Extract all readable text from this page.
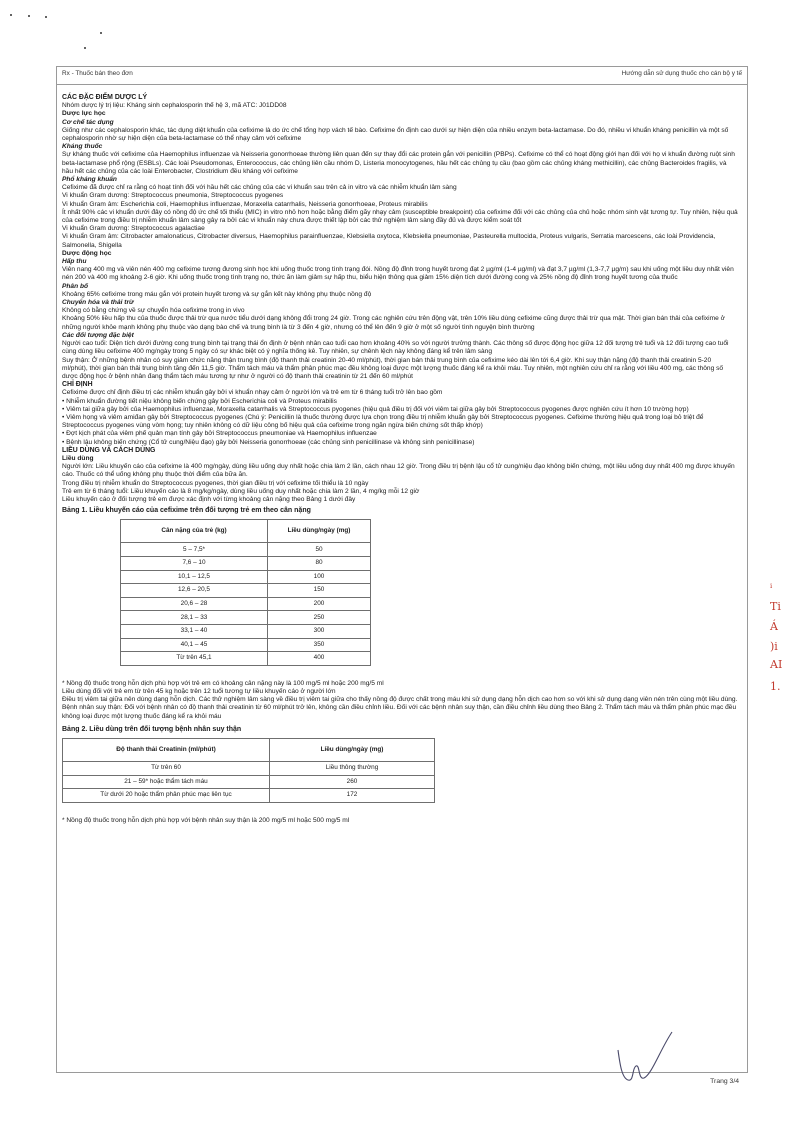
Rx - Thuốc bán theo đơn	Hướng dẫn sử dụng thuốc cho cán bộ y tế

CÁC ĐẶC ĐIỂM DƯỢC LÝ

Nhóm dược lý trị liệu: Kháng sinh cephalosporin thế hệ 3, mã ATC: J01DD08

Dược lực học

Cơ chế tác dụng

Giống như các cephalosporin khác, tác dụng diệt khuẩn của cefixime là do ức chế tổng hợp vách tế bào. Cefixime ổn định cao dưới sự hiện diện của nhiều enzym beta-lactamase. Do đó, nhiều vi khuẩn kháng penicillin và một số cephalosporin nhờ sự hiện diện của beta-lactamase có thể nhạy cảm với cefixime

Kháng thuốc

Sự kháng thuốc với cefixime của Haemophilus influenzae và Neisseria gonorrhoeae thường liên quan đến sự thay đổi các protein gắn với penicillin (PBPs). Cefixime có thể có hoạt động giới hạn đối với họ vi khuẩn đường ruột sinh beta-lactamase phổ rộng (ESBLs). Các loài Pseudomonas, Enterococcus, các chủng liên cầu nhóm D, Listeria monocytogenes, hầu hết các chủng tụ cầu (bao gồm các chủng kháng methicillin), các chủng Bacteroides fragilis, và hầu hết các chủng của các loài Enterobacter, Clostridium đều kháng với cefixime

Phổ kháng khuẩn

Cefixime đã được chỉ ra rằng có hoạt tính đối với hầu hết các chủng của các vi khuẩn sau trên cả in vitro và các nhiễm khuẩn lâm sàng

Vi khuẩn Gram dương: Streptococcus pneumonia, Streptococcus pyogenes

Vi khuẩn Gram âm: Escherichia coli, Haemophilus influenzae, Moraxella catarrhalis, Neisseria gonorrhoeae, Proteus mirabilis

Ít nhất 90% các vi khuẩn dưới đây có nồng độ ức chế tối thiểu (MIC) in vitro nhỏ hơn hoặc bằng điểm gãy nhạy cảm (susceptible breakpoint) của cefixime đối với các chủng của chủ hoặc nhóm sinh vật tương tự. Tuy nhiên, hiệu quả của cefixime trong điều trị nhiễm khuẩn lâm sàng gây ra bởi các vi khuẩn này chưa được thiết lập bởi các thử nghiệm lâm sàng đầy đủ và được kiểm soát tốt

Vi khuẩn Gram dương: Streptococcus agalactiae

Vi khuẩn Gram âm: Citrobacter amalonaticus, Citrobacter diversus, Haemophilus parainfluenzae, Klebsiella oxytoca, Klebsiella pneumoniae, Pasteurella multocida, Proteus vulgaris, Serratia marcescens, các loài Providencia, Salmonella, Shigella

Dược động học

Hấp thu

Viên nang 400 mg và viên nén 400 mg cefixime tương đương sinh học khi uống thuốc trong tình trạng đói. Nồng độ đỉnh trong huyết tương đạt 2 µg/ml (1-4 µg/ml) và đạt 3,7 µg/ml (1,3-7,7 µg/m) sau khi uống một liều duy nhất viên nén 200 và 400 mg khoảng 2-6 giờ. Khi uống thuốc trong tình trạng no, thức ăn làm giảm sự hấp thu, biểu hiện thông qua giảm 15% diện tích dưới đường cong và 25% nồng độ đỉnh trong huyết tương của thuốc

Phân bố

Khoảng 65% cefixime trong máu gắn với protein huyết tương và sự gắn kết này không phụ thuộc nồng độ

Chuyển hóa và thải trừ

Không có bằng chứng về sự chuyển hóa cefixime trong in vivo

Khoảng 50% liều hấp thu của thuốc được thải trừ qua nước tiểu dưới dạng không đổi trong 24 giờ. Trong các nghiên cứu trên động vật, trên 10% liều dùng cefixime cũng được thải trừ qua mật. Thời gian bán thải của cefixime ở những người khỏe mạnh không phụ thuộc vào dạng bào chế và trung bình là từ 3 đến 4 giờ, nhưng có thể lên đến 9 giờ ở một số người tình nguyện bình thường

Các đối tượng đặc biệt

Người cao tuổi: Diện tích dưới đường cong trung bình tại trạng thái ổn định ở bệnh nhân cao tuổi cao hơn khoảng 40% so với người trưởng thành. Các thông số được động học giữa 12 đối tượng trẻ tuổi và 12 đối tượng cao tuổi cùng dùng liều cefixime 400 mg/ngày trong 5 ngày có sự khác biệt có ý nghĩa thống kê. Tuy nhiên, sự chênh lệch này không đáng kể trên lâm sàng

Suy thận: Ở những bệnh nhân có suy giảm chức năng thận trung bình (độ thanh thải creatinin 20-40 ml/phút), thời gian bán thải trung bình của cefixime kéo dài lên tới 6,4 giờ. Khi suy thận nặng (độ thanh thải creatinin 5-20 ml/phút), thời gian bán thải trung bình tăng đến 11,5 giờ. Thẩm tách máu và thẩm phân phúc mạc đều không loại được một lượng thuốc đáng kể ra khỏi máu. Tuy nhiên, một nghiên cứu chỉ ra rằng với liều 400 mg, các thông số dược động học ở bệnh nhân đang thẩm tách máu tương tự như ở người có độ thanh thải creatinin từ 21 đến 60 ml/phút

CHỈ ĐỊNH

Cefixime được chỉ định điều trị các nhiễm khuẩn gây bởi vi khuẩn nhạy cảm ở người lớn và trẻ em từ 6 tháng tuổi trở lên bao gồm

• Nhiễm khuẩn đường tiết niệu không biến chứng gây bởi Escherichia coli và Proteus mirabilis

• Viêm tai giữa gây bởi của Haemophilus influenzae, Moraxella catarrhalis và Streptococcus pyogenes (hiệu quả điều trị đối với viêm tai giữa gây bởi Streptococcus pyogenes được nghiên cứu ít hơn 10 trường hợp)

• Viêm họng và viêm amiđan gây bởi Streptococcus pyogenes (Chú ý: Penicillin là thuốc thường được lựa chọn trong điều trị nhiễm khuẩn gây bởi Streptococcus pyogenes. Cefixime thường hiệu quả trong loại bỏ triệt để Streptococcus pyogenes vùng vòm họng; tuy nhiên không có dữ liệu công bố hiệu quả của cefixime trong ngăn ngừa biến chứng sốt thấp khớp)

• Đợt kịch phát của viêm phế quản mạn tính gây bởi Streptococcus pneumoniae và Haemophilus influenzae

• Bệnh lậu không biến chứng (Cổ tử cung/Niệu đạo) gây bởi Neisseria gonorrhoeae (các chủng sinh penicillinase và không sinh penicillinase)

LIỀU DÙNG VÀ CÁCH DÙNG

Liều dùng

Người lớn: Liều khuyến cáo của cefixime là 400 mg/ngày, dùng liều uống duy nhất hoặc chia làm 2 lần, cách nhau 12 giờ. Trong điều trị bệnh lậu cổ tử cung/niệu đạo không biến chứng, một liều uống duy nhất 400 mg được khuyến cáo. Thuốc có thể uống không phụ thuộc thời điểm của bữa ăn.

Trong điều trị nhiễm khuẩn do Streptococcus pyogenes, thời gian điều trị với cefixime tối thiểu là 10 ngày

Trẻ em từ 6 tháng tuổi: Liều khuyến cáo là 8 mg/kg/ngày, dùng liều uống duy nhất hoặc chia làm 2 lần, 4 mg/kg mỗi 12 giờ

Liều khuyến cáo ở đối tượng trẻ em được xác định với từng khoảng cân nặng theo Bảng 1 dưới đây

Bảng 1. Liều khuyến cáo của cefixime trên đối tượng trẻ em theo cân nặng
Cân nặng của trẻ (kg)	Liều dùng/ngày (mg)
5 – 7,5*	50
7,6 – 10	80
10,1 – 12,5	100
12,6 – 20,5	150
20,6 – 28	200
28,1 – 33	250
33,1 – 40	300
40,1 – 45	350
Từ trên 45,1	400

* Nồng độ thuốc trong hỗn dịch phù hợp với trẻ em có khoảng cân nặng này là 100 mg/5 ml hoặc 200 mg/5 ml

Liều dùng đối với trẻ em từ trên 45 kg hoặc trên 12 tuổi tương tự liều khuyến cáo ở người lớn

Điều trị viêm tai giữa nên dùng dạng hỗn dịch. Các thử nghiệm lâm sàng về điều trị viêm tai giữa cho thấy nồng độ được chất trong máu khi sử dụng dạng hỗn dịch cao hơn so với khi sử dụng dạng viên nén trên cùng một liều dùng.

Bệnh nhân suy thận: Đối với bệnh nhân có độ thanh thải creatinin từ 60 ml/phút trở lên, không cần điều chỉnh liều. Đối với các bệnh nhân suy thận, cần điều chỉnh liều dùng theo Bảng 2. Thẩm tách máu và thẩm phân phúc mạc đều không loại được một lượng thuốc đáng kể ra khỏi máu

Bảng 2. Liều dùng trên đối tượng bệnh nhân suy thận
Độ thanh thải Creatinin (ml/phút)	Liều dùng/ngày (mg)
Từ trên 60	Liều thông thường
21 – 59* hoặc thẩm tách máu	260
Từ dưới 20 hoặc thẩm phân phúc mạc liên tục	172

* Nồng độ thuốc trong hỗn dịch phù hợp với bệnh nhân suy thận là 200 mg/5 ml hoặc 500 mg/5 ml

ᵢ
Ti
Á
)i
AI
1.
Trang 3/4
